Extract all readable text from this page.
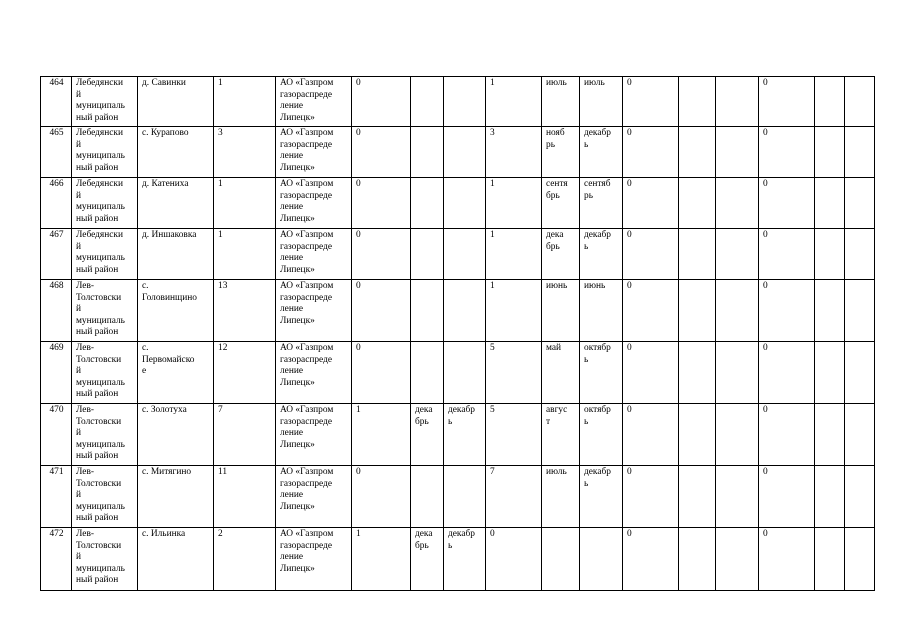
464	Лебедянски
й
муниципаль
ный район	д. Савинки	1	АО «Газпром
газораспреде
ление
Липецк»	0			1	июль	июль	0			0		
465	Лебедянски
й
муниципаль
ный район	с. Курапово	3	АО «Газпром
газораспреде
ление
Липецк»	0			3	нояб
рь	декабр
ь	0			0		
466	Лебедянски
й
муниципаль
ный район	д. Катениха	1	АО «Газпром
газораспреде
ление
Липецк»	0			1	сентя
брь	сентяб
рь	0			0		
467	Лебедянски
й
муниципаль
ный район	д. Иншаковка	1	АО «Газпром
газораспреде
ление
Липецк»	0			1	дека
брь	декабр
ь	0			0		
468	Лев-
Толстовски
й
муниципаль
ный район	с.
Головинщино	13	АО «Газпром
газораспреде
ление
Липецк»	0			1	июнь	июнь	0			0		
469	Лев-
Толстовски
й
муниципаль
ный район	с.
Первомайско
е	12	АО «Газпром
газораспреде
ление
Липецк»	0			5	май	октябр
ь	0			0		
470	Лев-
Толстовски
й
муниципаль
ный район	с. Золотуха	7	АО «Газпром
газораспреде
ление
Липецк»	1	дека
брь	декабр
ь	5	авгус
т	октябр
ь	0			0		
471	Лев-
Толстовски
й
муниципаль
ный район	с. Митягино	11	АО «Газпром
газораспреде
ление
Липецк»	0			7	июль	декабр
ь	0			0		
472	Лев-
Толстовски
й
муниципаль
ный район	с. Ильинка	2	АО «Газпром
газораспреде
ление
Липецк»	1	дека
брь	декабр
ь	0			0			0		
